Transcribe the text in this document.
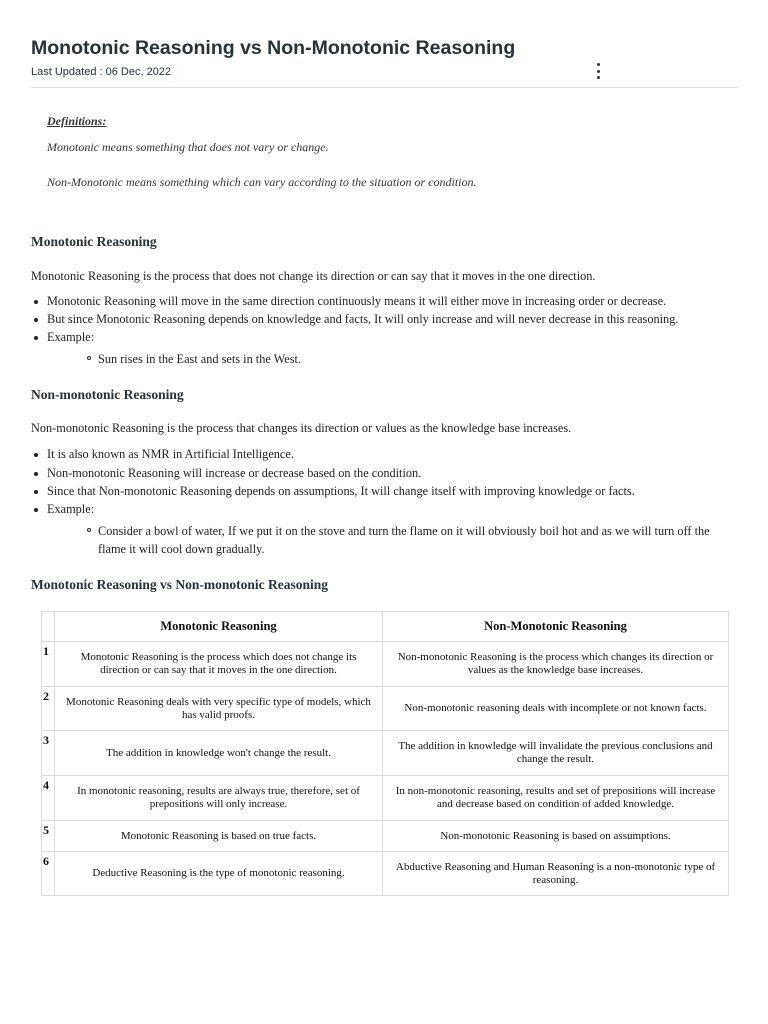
Monotonic Reasoning vs Non-Monotonic Reasoning
Last Updated : 06 Dec, 2022
Definitions:
Monotonic means something that does not vary or change.
Non-Monotonic means something which can vary according to the situation or condition.
Monotonic Reasoning
Monotonic Reasoning is the process that does not change its direction or can say that it moves in the one direction.
Monotonic Reasoning will move in the same direction continuously means it will either move in increasing order or decrease.
But since Monotonic Reasoning depends on knowledge and facts, It will only increase and will never decrease in this reasoning.
Example:
Sun rises in the East and sets in the West.
Non-monotonic Reasoning
Non-monotonic Reasoning is the process that changes its direction or values as the knowledge base increases.
It is also known as NMR in Artificial Intelligence.
Non-monotonic Reasoning will increase or decrease based on the condition.
Since that Non-monotonic Reasoning depends on assumptions, It will change itself with improving knowledge or facts.
Example:
Consider a bowl of water, If we put it on the stove and turn the flame on it will obviously boil hot and as we will turn off the flame it will cool down gradually.
Monotonic Reasoning vs Non-monotonic Reasoning
	Monotonic Reasoning	Non-Monotonic Reasoning
1	Monotonic Reasoning is the process which does not change its direction or can say that it moves in the one direction.	Non-monotonic Reasoning is the process which changes its direction or values as the knowledge base increases.
2	Monotonic Reasoning deals with very specific type of models, which has valid proofs.	Non-monotonic reasoning deals with incomplete or not known facts.
3	The addition in knowledge won't change the result.	The addition in knowledge will invalidate the previous conclusions and change the result.
4	In monotonic reasoning, results are always true, therefore, set of prepositions will only increase.	In non-monotonic reasoning, results and set of prepositions will increase and decrease based on condition of added knowledge.
5	Monotonic Reasoning is based on true facts.	Non-monotonic Reasoning is based on assumptions.
6	Deductive Reasoning is the type of monotonic reasoning.	Abductive Reasoning and Human Reasoning is a non-monotonic type of reasoning.
